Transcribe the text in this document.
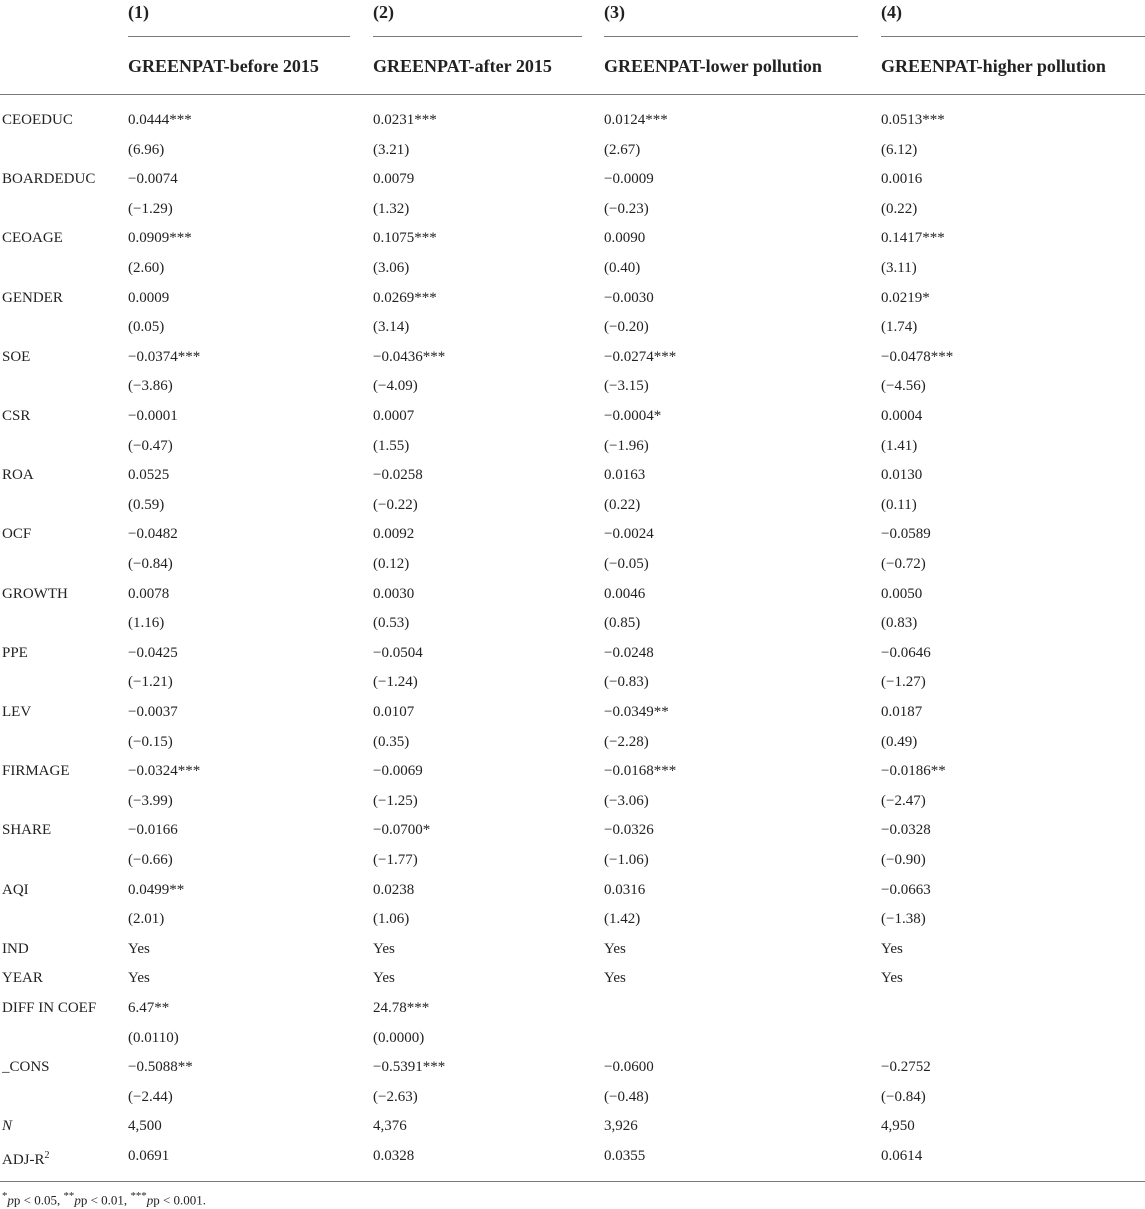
(1)	(2)	(3)	(4)
GREENPAT-before 2015	GREENPAT-after 2015	GREENPAT-lower pollution	GREENPAT-higher pollution
CEOEDUC	0.0444***	0.0231***	0.0124***	0.0513***
(6.96)	(3.21)	(2.67)	(6.12)
BOARDEDUC −0.0074	0.0079	−0.0009	0.0016
(−1.29)	(1.32)	(−0.23)	(0.22)
CEOAGE	0.0909***	0.1075***	0.0090	0.1417***
(2.60)	(3.06)	(0.40)	(3.11)
GENDER	0.0009	0.0269***	−0.0030	0.0219*
(0.05)	(3.14)	(−0.20)	(1.74)
SOE	−0.0374***	−0.0436***	−0.0274***	−0.0478***
(−3.86)	(−4.09)	(−3.15)	(−4.56)
CSR	−0.0001	0.0007	−0.0004*	0.0004
(−0.47)	(1.55)	(−1.96)	(1.41)
ROA	0.0525	−0.0258	0.0163	0.0130
(0.59)	(−0.22)	(0.22)	(0.11)
OCF	−0.0482	0.0092	−0.0024	−0.0589
(−0.84)	(0.12)	(−0.05)	(−0.72)
GROWTH	0.0078	0.0030	0.0046	0.0050
(1.16)	(0.53)	(0.85)	(0.83)
PPE	−0.0425	−0.0504	−0.0248	−0.0646
(−1.21)	(−1.24)	(−0.83)	(−1.27)
LEV	−0.0037	0.0107	−0.0349**	0.0187
(−0.15)	(0.35)	(−2.28)	(0.49)
FIRMAGE	−0.0324***	−0.0069	−0.0168***	−0.0186**
(−3.99)	(−1.25)	(−3.06)	(−2.47)
SHARE	−0.0166	−0.0700*	−0.0326	−0.0328
(−0.66)	(−1.77)	(−1.06)	(−0.90)
AQI	0.0499**	0.0238	0.0316	−0.0663
(2.01)	(1.06)	(1.42)	(−1.38)
IND	Yes	Yes	Yes	Yes
YEAR	Yes	Yes	Yes	Yes
DIFF IN COEF 6.47**	24.78***
(0.0110)	(0.0000)
_CONS	−0.5088**	−0.5391***	−0.0600	−0.2752
(−2.44)	(−2.63)	(−0.48)	(−0.84)
N	4,500	4,376	3,926	4,950
ADJ-$R^2$	0.0691	0.0328	0.0355	0.0614
*pp < 0.05, **pp < 0.01, ***pp < 0.001.
